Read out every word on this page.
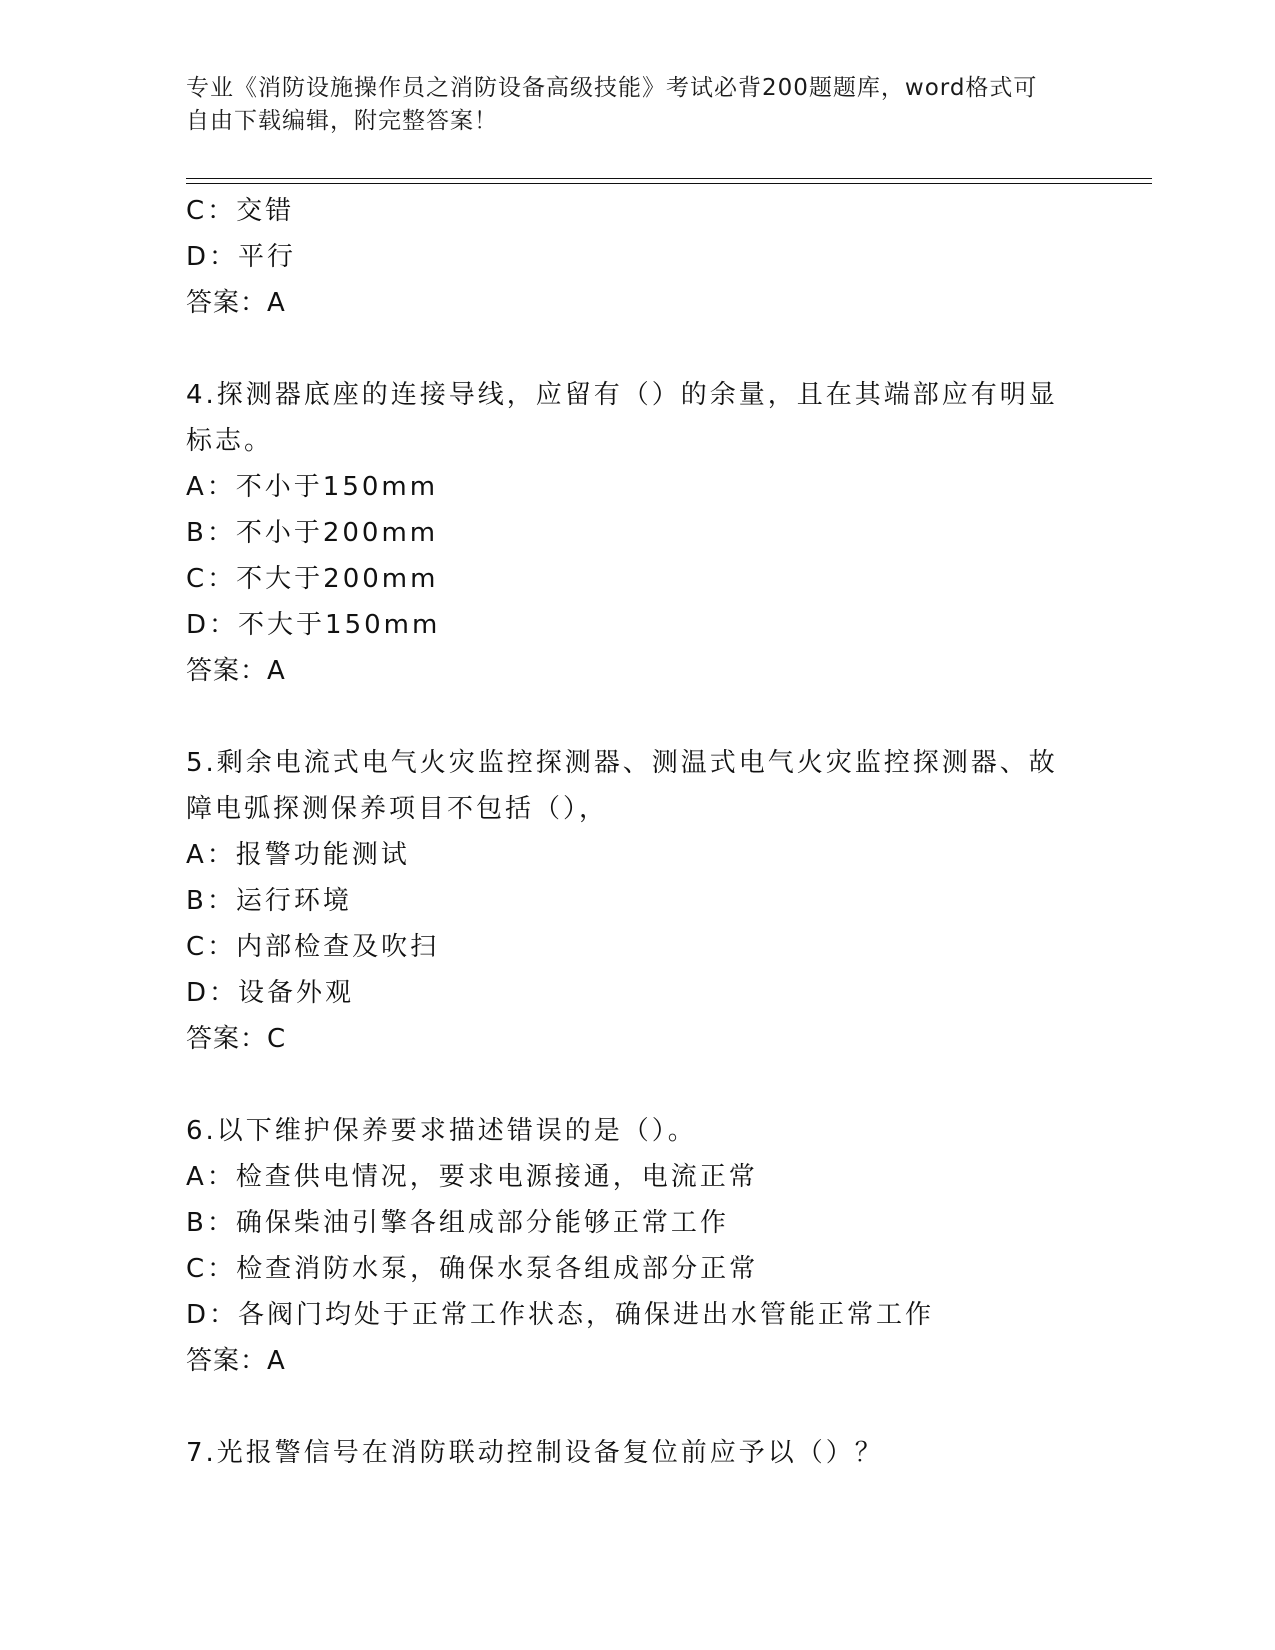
专业《消防设施操作员之消防设备高级技能》考试必背200题题库，word格式可
自由下载编辑，附完整答案！
C：交错
D：平行
答案：A
4.探测器底座的连接导线，应留有（）的余量，且在其端部应有明显
标志。
A：不小于150mm
B：不小于200mm
C：不大于200mm
D：不大于150mm
答案：A
5.剩余电流式电气火灾监控探测器、测温式电气火灾监控探测器、故
障电弧探测保养项目不包括（），
A：报警功能测试
B：运行环境
C：内部检查及吹扫
D：设备外观
答案：C
6.以下维护保养要求描述错误的是（）。
A：检查供电情况，要求电源接通，电流正常
B：确保柴油引擎各组成部分能够正常工作
C：检查消防水泵，确保水泵各组成部分正常
D：各阀门均处于正常工作状态，确保进出水管能正常工作
答案：A
7.光报警信号在消防联动控制设备复位前应予以（）？
